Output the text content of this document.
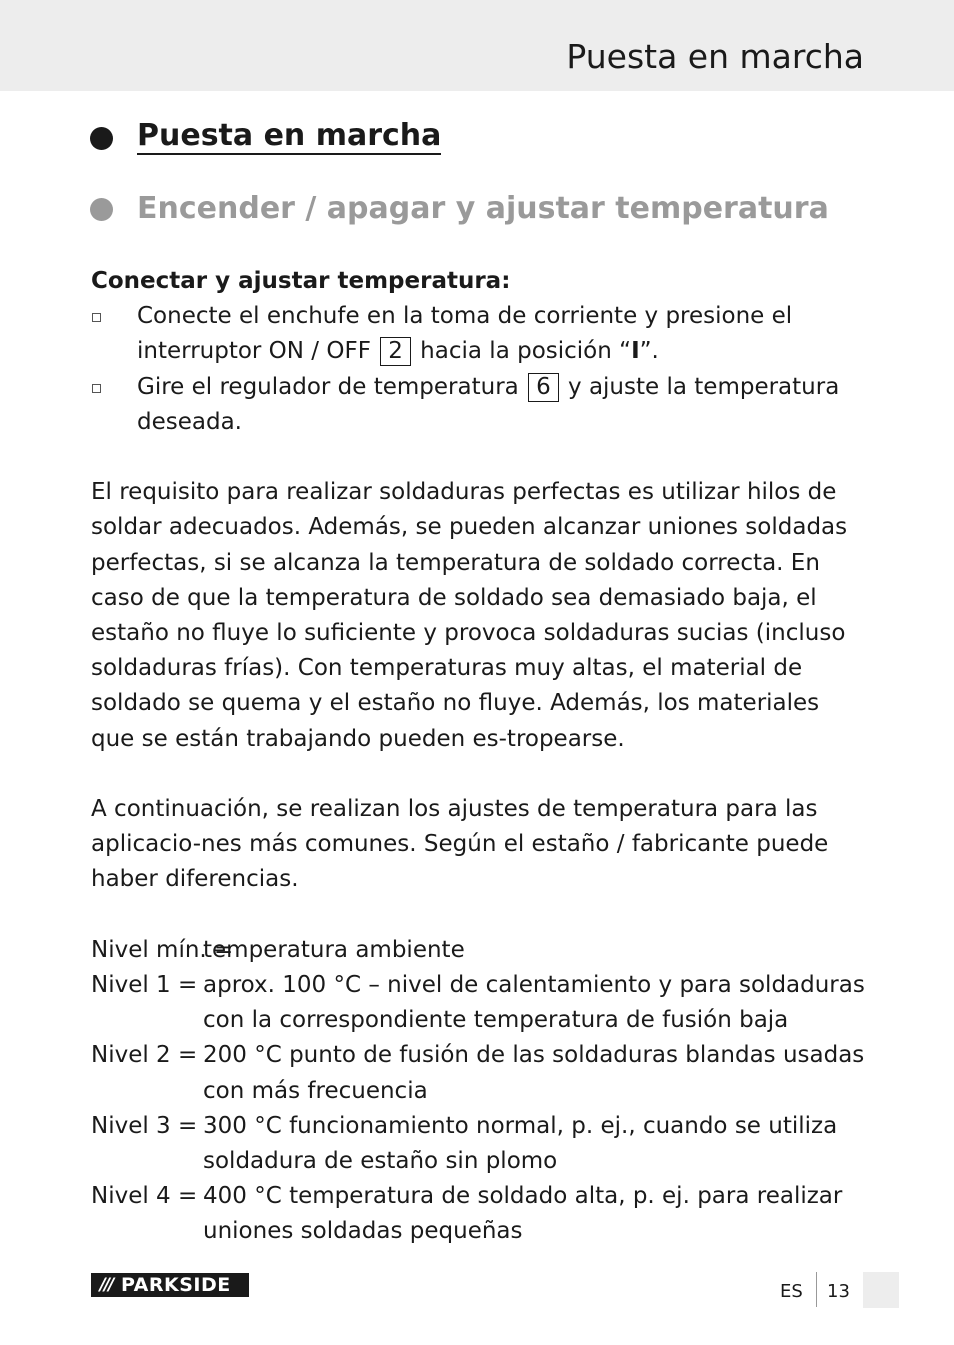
Puesta en marcha
Puesta en marcha
Encender / apagar y ajustar temperatura

Conectar y ajustar temperatura:

Conecte el enchufe en la toma de corriente y presione el interruptor ON / OFF 2 hacia la posición “I”.
Gire el regulador de temperatura 6 y ajuste la temperatura deseada.

El requisito para realizar soldaduras perfectas es utilizar hilos de soldar adecuados. Además, se pueden alcanzar uniones soldadas perfectas, si se alcanza la temperatura de soldado correcta. En caso de que la temperatura de soldado sea demasiado baja, el estaño no fluye lo suficiente y provoca soldaduras sucias (incluso soldaduras frías). Con temperaturas muy altas, el material de soldado se quema y el estaño no fluye. Además, los materiales que se están trabajando pueden es-tropearse.

A continuación, se realizan los ajustes de temperatura para las aplicacio-nes más comunes. Según el estaño / fabricante puede haber diferencias.

Nivel mín. =
temperatura ambiente
Nivel 1 = aprox. 100 °C – nivel de calentamiento y para soldaduras con la correspondiente temperatura de fusión baja
Nivel 2 = 200 °C punto de fusión de las soldaduras blandas usadas con más frecuencia
Nivel 3 = 300 °C funcionamiento normal, p. ej., cuando se utiliza soldadura de estaño sin plomo
Nivel 4 = 400 °C temperatura de soldado alta, p. ej. para realizar uniones soldadas pequeñas
/// PARKSIDE	ES 13
